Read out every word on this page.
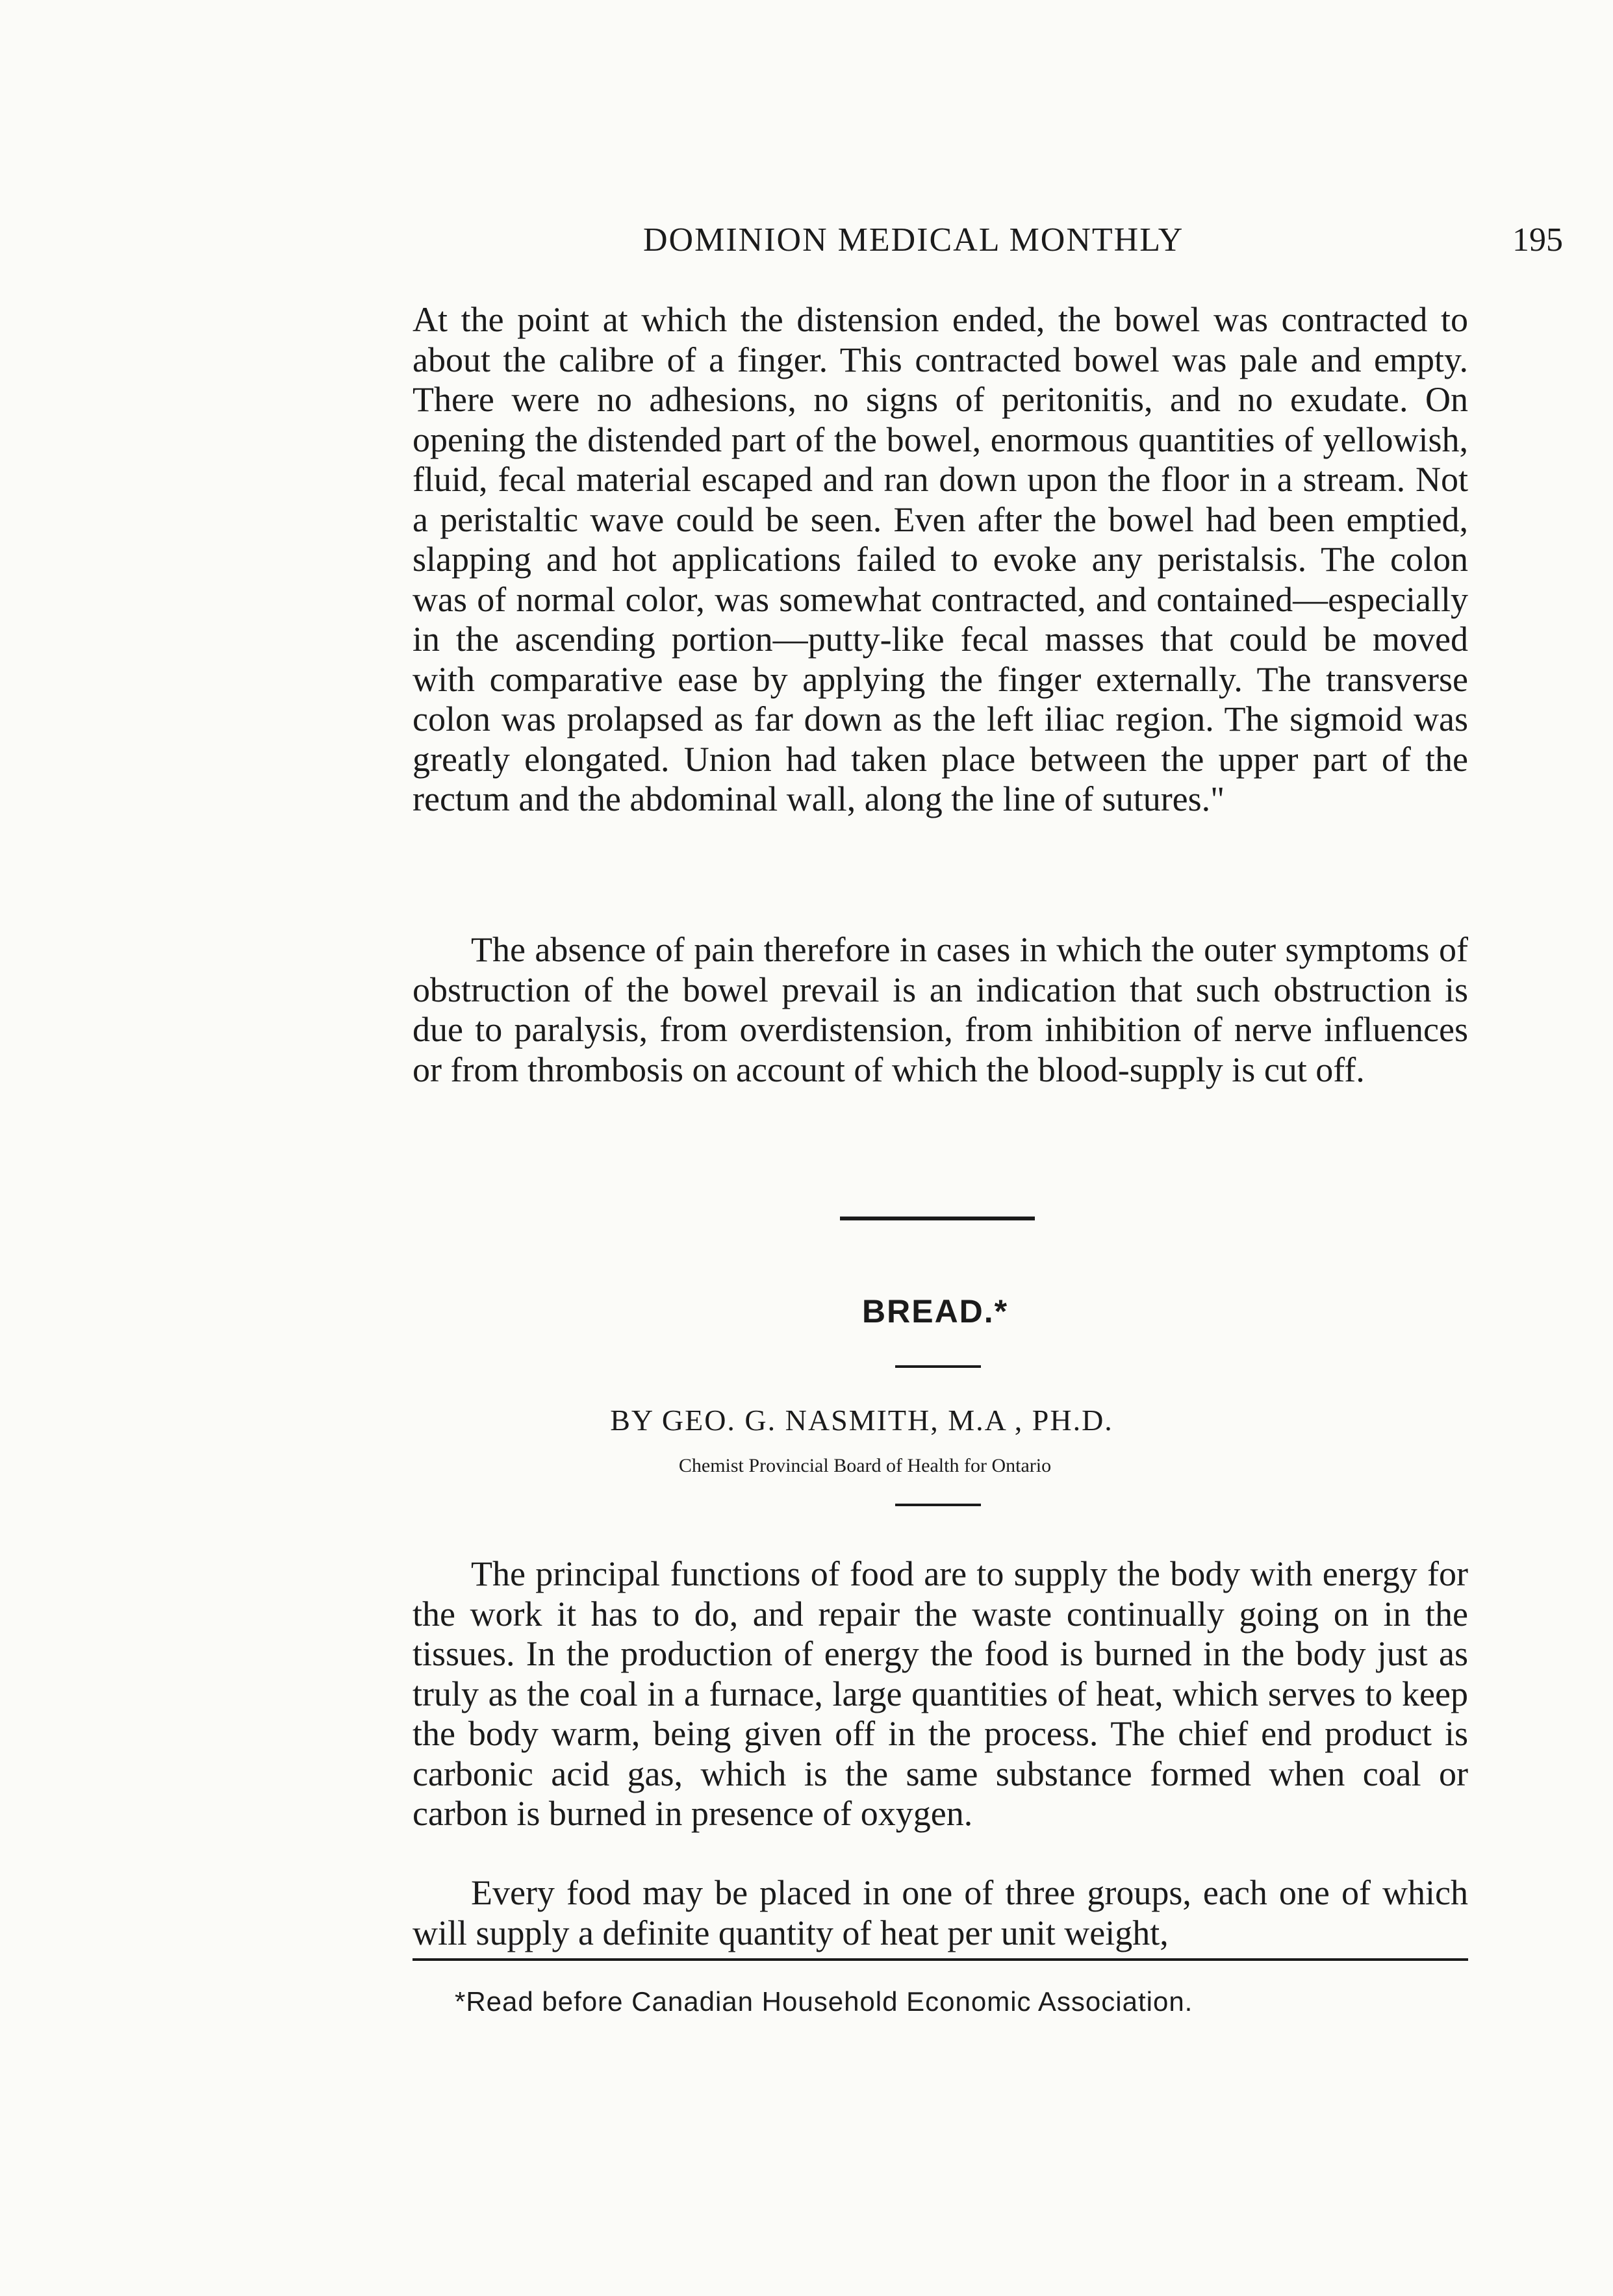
DOMINION MEDICAL MONTHLY	195

At the point at which the distension ended, the bowel was contracted to about the calibre of a finger. This contracted bowel was pale and empty. There were no adhesions, no signs of peritonitis, and no exudate. On opening the distended part of the bowel, enormous quantities of yellowish, fluid, fecal material escaped and ran down upon the floor in a stream. Not a peristaltic wave could be seen. Even after the bowel had been emptied, slapping and hot applications failed to evoke any peristalsis. The colon was of normal color, was somewhat contracted, and contained—especially in the ascending portion—putty-like fecal masses that could be moved with comparative ease by applying the finger externally. The transverse colon was prolapsed as far down as the left iliac region. The sigmoid was greatly elongated. Union had taken place between the upper part of the rectum and the abdominal wall, along the line of sutures."

The absence of pain therefore in cases in which the outer symptoms of obstruction of the bowel prevail is an indication that such obstruction is due to paralysis, from overdistension, from inhibition of nerve influences or from thrombosis on account of which the blood-supply is cut off.

BREAD.*
BY GEO. G. NASMITH, M.A , PH.D.
Chemist Provincial Board of Health for Ontario

The principal functions of food are to supply the body with energy for the work it has to do, and repair the waste continually going on in the tissues. In the production of energy the food is burned in the body just as truly as the coal in a furnace, large quantities of heat, which serves to keep the body warm, being given off in the process. The chief end product is carbonic acid gas, which is the same substance formed when coal or carbon is burned in presence of oxygen.

Every food may be placed in one of three groups, each one of which will supply a definite quantity of heat per unit weight,

*Read before Canadian Household Economic Association.
